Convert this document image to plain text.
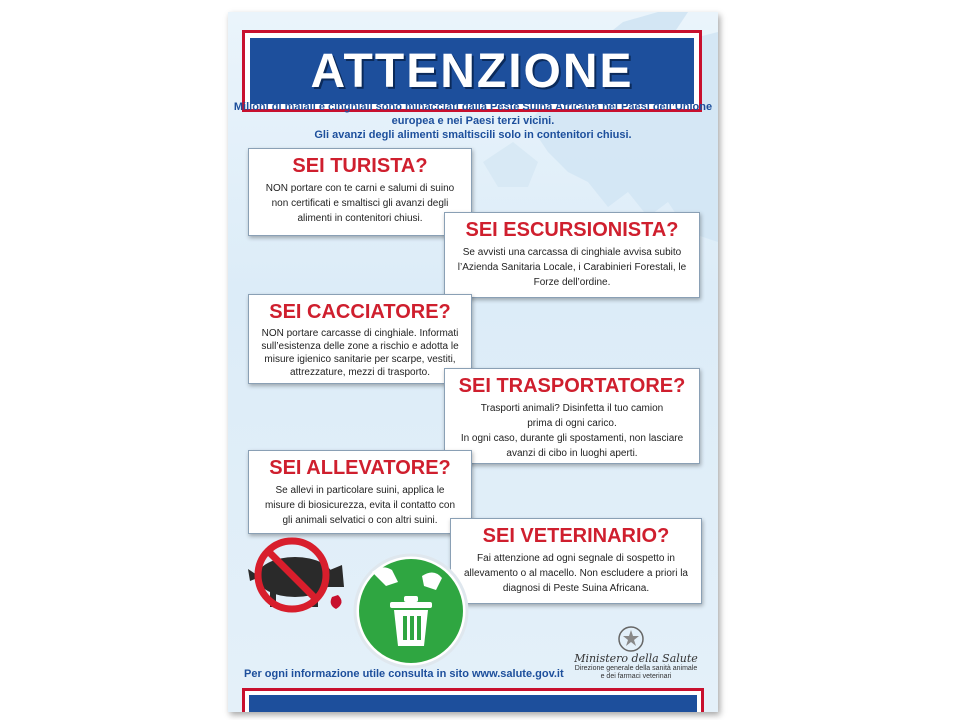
ATTENZIONE

Milioni di maiali e cinghiali sono minacciati dalla Peste Suina Africana nei Paesi dell’Unione

europea e nei Paesi terzi vicini.

Gli avanzi degli alimenti smaltiscili solo in contenitori chiusi.

SEI TURISTA?

NON portare con te carni e salumi di suino
non certificati e smaltisci gli avanzi degli
alimenti in contenitori chiusi.

SEI ESCURSIONISTA?

Se avvisti una carcassa di cinghiale avvisa subito
l’Azienda Sanitaria Locale, i Carabinieri Forestali, le
Forze dell’ordine.

SEI CACCIATORE?

NON portare carcasse di cinghiale. Informati
sull’esistenza delle zone a rischio e adotta le
misure igienico sanitarie per scarpe, vestiti,
attrezzature, mezzi di trasporto.

SEI TRASPORTATORE?

Trasporti animali? Disinfetta il tuo camion
prima di ogni carico.
In ogni caso, durante gli spostamenti, non lasciare
avanzi di cibo in luoghi aperti.

SEI ALLEVATORE?

Se allevi in particolare suini, applica le
misure di biosicurezza, evita il contatto con
gli animali selvatici o con altri suini.

SEI VETERINARIO?

Fai attenzione ad ogni segnale di sospetto in
allevamento o al macello. Non escludere a priori la
diagnosi di Peste Suina Africana.

Ministero della Salute
Direzione generale della sanità animale
e dei farmaci veterinari
Per ogni informazione utile consulta in sito www.salute.gov.it
